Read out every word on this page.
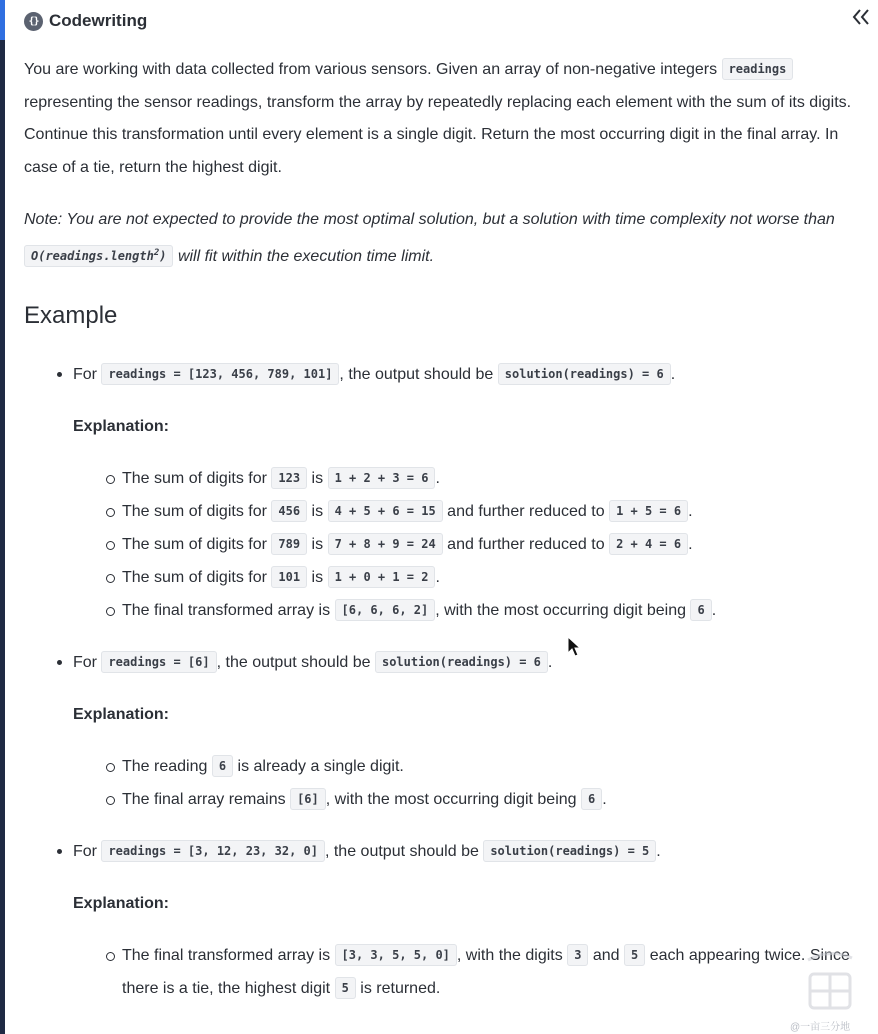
{} Codewriting

You are working with data collected from various sensors. Given an array of non-negative integers readings representing the sensor readings, transform the array by repeatedly replacing each element with the sum of its digits. Continue this transformation until every element is a single digit. Return the most occurring digit in the final array. In case of a tie, return the highest digit.

Note: You are not expected to provide the most optimal solution, but a solution with time complexity not worse than O(readings.length$^2$) will fit within the execution time limit.

Example
For readings = [123, 456, 789, 101] , the output should be solution(readings) = 6 .
Explanation:
The sum of digits for 123 is 1 + 2 + 3 = 6 .
The sum of digits for 456 is 4 + 5 + 6 = 15 and further reduced to 1 + 5 = 6 .
The sum of digits for 789 is 7 + 8 + 9 = 24 and further reduced to 2 + 4 = 6 .
The sum of digits for 101 is 1 + 0 + 1 = 2 .
The final transformed array is [6, 6, 6, 2] , with the most occurring digit being 6 .
For readings = [6] , the output should be solution(readings) = 6 .
Explanation:
The reading 6 is already a single digit.
The final array remains [6] , with the most occurring digit being 6 .
For readings = [3, 12, 23, 32, 0] , the output should be solution(readings) = 5 .
Explanation:
The final transformed array is [3, 3, 5, 5, 0] , with the digits 3 and 5 each appearing twice. Since there is a tie, the highest digit 5 is returned.
@一亩三分地
